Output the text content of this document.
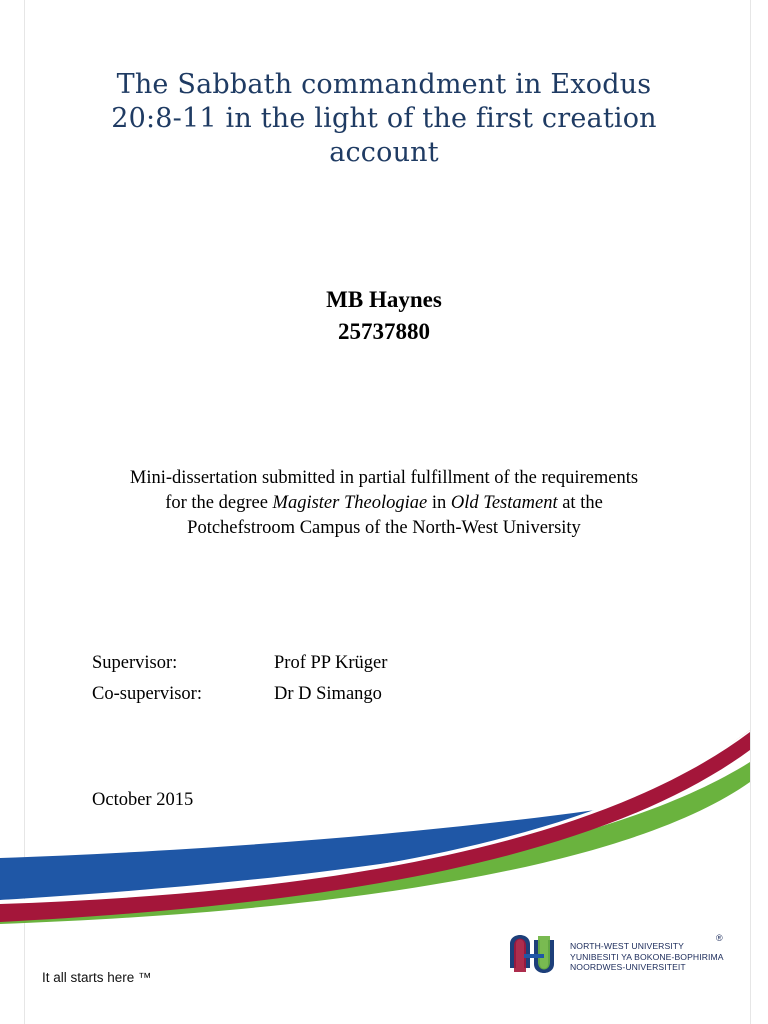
The Sabbath commandment in Exodus
20:8-11 in the light of the first creation
account
MB Haynes
25737880
Mini-dissertation submitted in partial fulfillment of the requirements
for the degree Magister Theologiae in Old Testament at the
Potchefstroom Campus of the North-West University
Supervisor:	Prof PP Krüger
Co-supervisor:	Dr D Simango
October 2015
It all starts here ™
NORTH-WEST UNIVERSITY
YUNIBESITI YA BOKONE-BOPHIRIMA
NOORDWES-UNIVERSITEIT
®
